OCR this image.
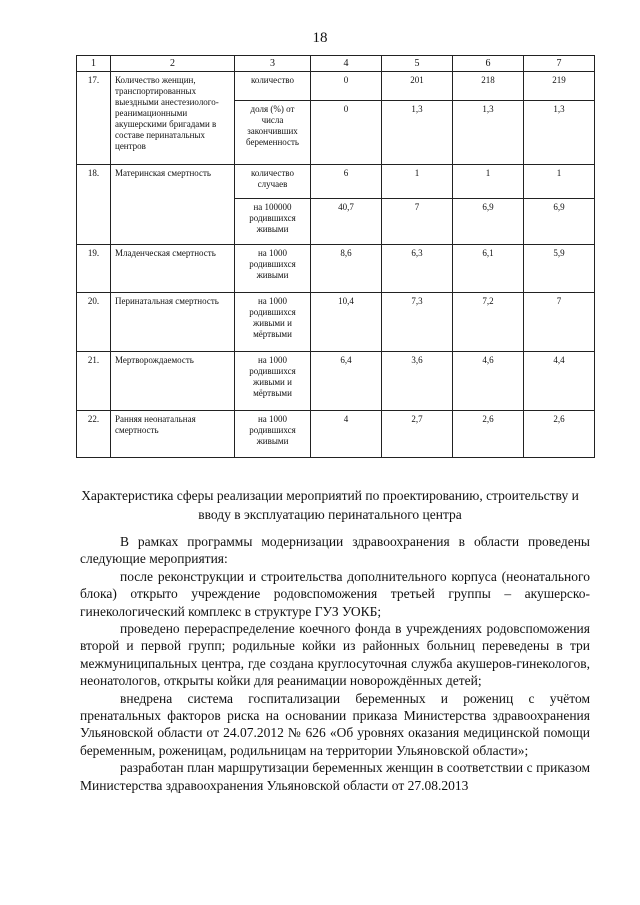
18
1	2	3	4	5	6	7
17.	Количество женщин, транспортированных выездными анестезиолого-реанимационными акушерскими бригадами в составе перинатальных центров	количество	0	201	218	219
		доля (%) от числа закончивших беременность	0	1,3	1,3	1,3
18.	Материнская смертность	количество случаев	6	1	1	1
		на 100000 родившихся живыми	40,7	7	6,9	6,9
19.	Младенческая смертность	на 1000 родившихся живыми	8,6	6,3	6,1	5,9
20.	Перинатальная смертность	на 1000 родившихся живыми и мёртвыми	10,4	7,3	7,2	7
21.	Мертворождаемость	на 1000 родившихся живыми и мёртвыми	6,4	3,6	4,6	4,4
22.	Ранняя неонатальная смертность	на 1000 родившихся живыми	4	2,7	2,6	2,6
Характеристика сферы реализации мероприятий по проектированию, строительству и вводу в эксплуатацию перинатального центра

В рамках программы модернизации здравоохранения в области проведены следующие мероприятия:

после реконструкции и строительства дополнительного корпуса (неонатального блока) открыто учреждение родовспоможения третьей группы – акушерско-гинекологический комплекс в структуре ГУЗ УОКБ;

проведено перераспределение коечного фонда в учреждениях родовспоможения второй и первой групп; родильные койки из районных больниц переведены в три межмуниципальных центра, где создана круглосуточная служба акушеров-гинекологов, неонатологов, открыты койки для реанимации новорождённых детей;

внедрена система госпитализации беременных и рожениц с учётом пренатальных факторов риска на основании приказа Министерства здравоохранения Ульяновской области от 24.07.2012 № 626 «Об уровнях оказания медицинской помощи беременным, роженицам, родильницам на территории Ульяновской области»;

разработан план маршрутизации беременных женщин в соответствии с приказом Министерства здравоохранения Ульяновской области от 27.08.2013
